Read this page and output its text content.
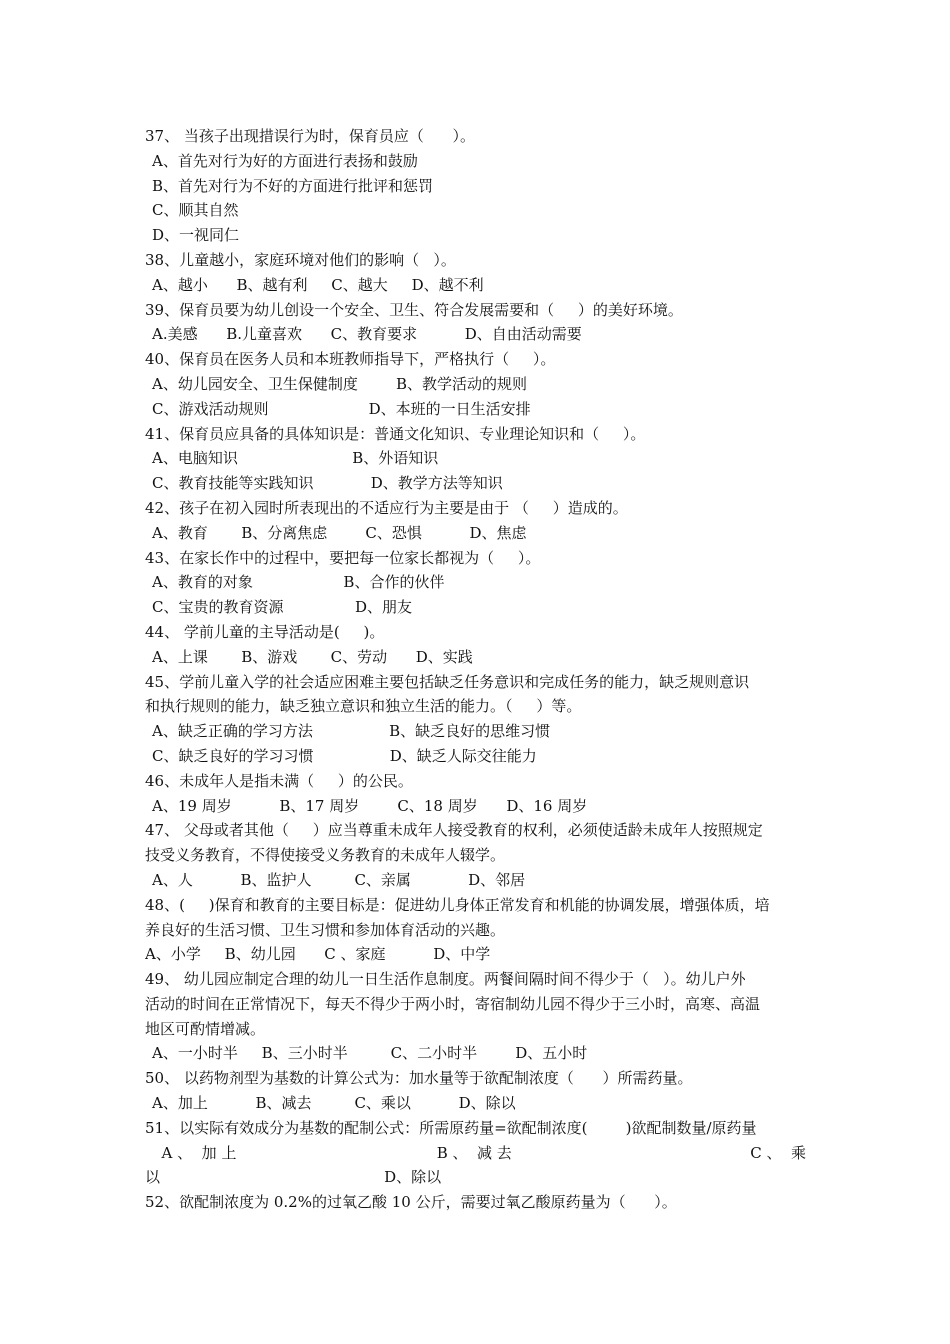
37、 当孩子出现措误行为时，保育员应（      ）。
A、首先对行为好的方面进行表扬和鼓励
B、首先对行为不好的方面进行批评和惩罚
C、顺其自然
D、一视同仁
38、儿童越小，家庭环境对他们的影响（   ）。
A、越小      B、越有利     C、越大     D、越不利
39、保育员要为幼儿创设一个安全、卫生、符合发展需要和（     ）的美好环境。
A.美感      B.儿童喜欢      C、教育要求          D、自由活动需要
40、保育员在医务人员和本班教师指导下，严格执行（     ）。
A、幼儿园安全、卫生保健制度        B、教学活动的规则
C、游戏活动规则                     D、本班的一日生活安排
41、保育员应具备的具体知识是：普通文化知识、专业理论知识和（     ）。
A、电脑知识                        B、外语知识
C、教育技能等实践知识            D、教学方法等知识
42、孩子在初入园时所表现出的不适应行为主要是由于 （     ）造成的。
A、教育       B、分离焦虑        C、恐惧          D、焦虑
43、在家长作中的过程中，要把每一位家长都视为（     ）。
A、教育的对象                   B、合作的伙伴
C、宝贵的教育资源               D、朋友
44、 学前儿童的主导活动是(     )。
A、上课       B、游戏       C、劳动      D、实践
45、学前儿童入学的社会适应困难主要包括缺乏任务意识和完成任务的能力，缺乏规则意识
和执行规则的能力，缺乏独立意识和独立生活的能力。（     ）等。
A、缺乏正确的学习方法                B、缺乏良好的思维习惯
C、缺乏良好的学习习惯                D、缺乏人际交往能力
46、未成年人是指未满（     ）的公民。
A、19 周岁          B、17 周岁        C、18 周岁      D、16 周岁
47、 父母或者其他（     ）应当尊重未成年人接受教育的权利，必须使适龄未成年人按照规定
技受义务教育，不得使接受义务教育的未成年人辍学。
A、人          B、监护人         C、亲属            D、邻居
48、(     )保育和教育的主要目标是：促进幼儿身体正常发育和机能的协调发展，增强体质，培
养良好的生活习惯、卫生习惯和参加体育活动的兴趣。
A、小学     B、幼儿园      C 、家庭          D、中学
49、 幼儿园应制定合理的幼儿一日生活作息制度。两餐间隔时间不得少于（   ）。幼儿户外
活动的时间在正常情况下，每天不得少于两小时，寄宿制幼儿园不得少于三小时，高寒、高温
地区可酌情增减。
A、一小时半     B、三小时半         C、二小时半        D、五小时
50、 以药物剂型为基数的计算公式为：加水量等于欲配制浓度（      ）所需药量。
A、加上          B、减去         C、乘以          D、除以
51、以实际有效成分为基数的配制公式：所需原药量=欲配制浓度(        )欲配制数量/原药量
A 、  加 上                                          B 、  减 去                                                  C 、  乘
以                                               D、除以
52、欲配制浓度为 0.2%的过氧乙酸 10 公斤，需要过氧乙酸原药量为（      ）。
